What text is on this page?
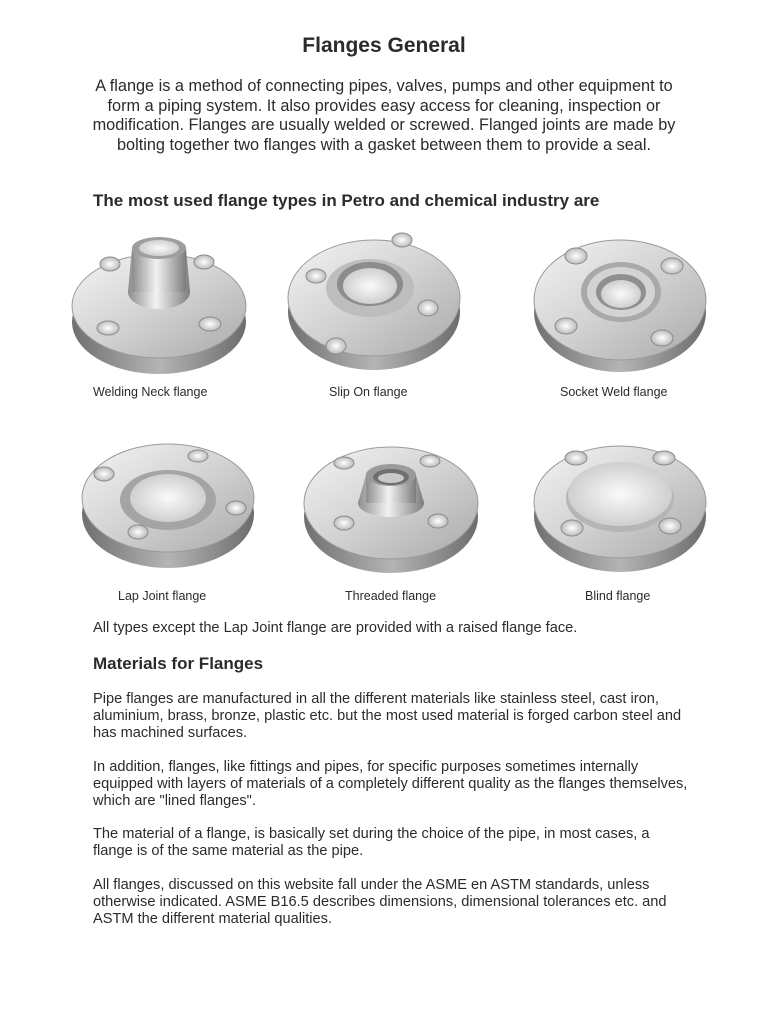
Flanges General
A flange is a method of connecting pipes, valves, pumps and other equipment to form a piping system. It also provides easy access for cleaning, inspection or modification. Flanges are usually welded or screwed. Flanged joints are made by bolting together two flanges with a gasket between them to provide a seal.
The most used flange types in Petro and chemical industry are
Welding Neck flange	Slip On flange	Socket Weld flange
Lap Joint flange	Threaded flange	Blind flange
All types except the Lap Joint flange are provided with a raised flange face.
Materials for Flanges
Pipe flanges are manufactured in all the different materials like stainless steel, cast iron, aluminium, brass, bronze, plastic etc. but the most used material is forged carbon steel and has machined surfaces.
In addition, flanges, like fittings and pipes, for specific purposes sometimes internally equipped with layers of materials of a completely different quality as the flanges themselves, which are "lined flanges".
The material of a flange, is basically set during the choice of the pipe, in most cases, a flange is of the same material as the pipe.
All flanges, discussed on this website fall under the ASME en ASTM standards, unless otherwise indicated. ASME B16.5 describes dimensions, dimensional tolerances etc. and ASTM the different material qualities.
